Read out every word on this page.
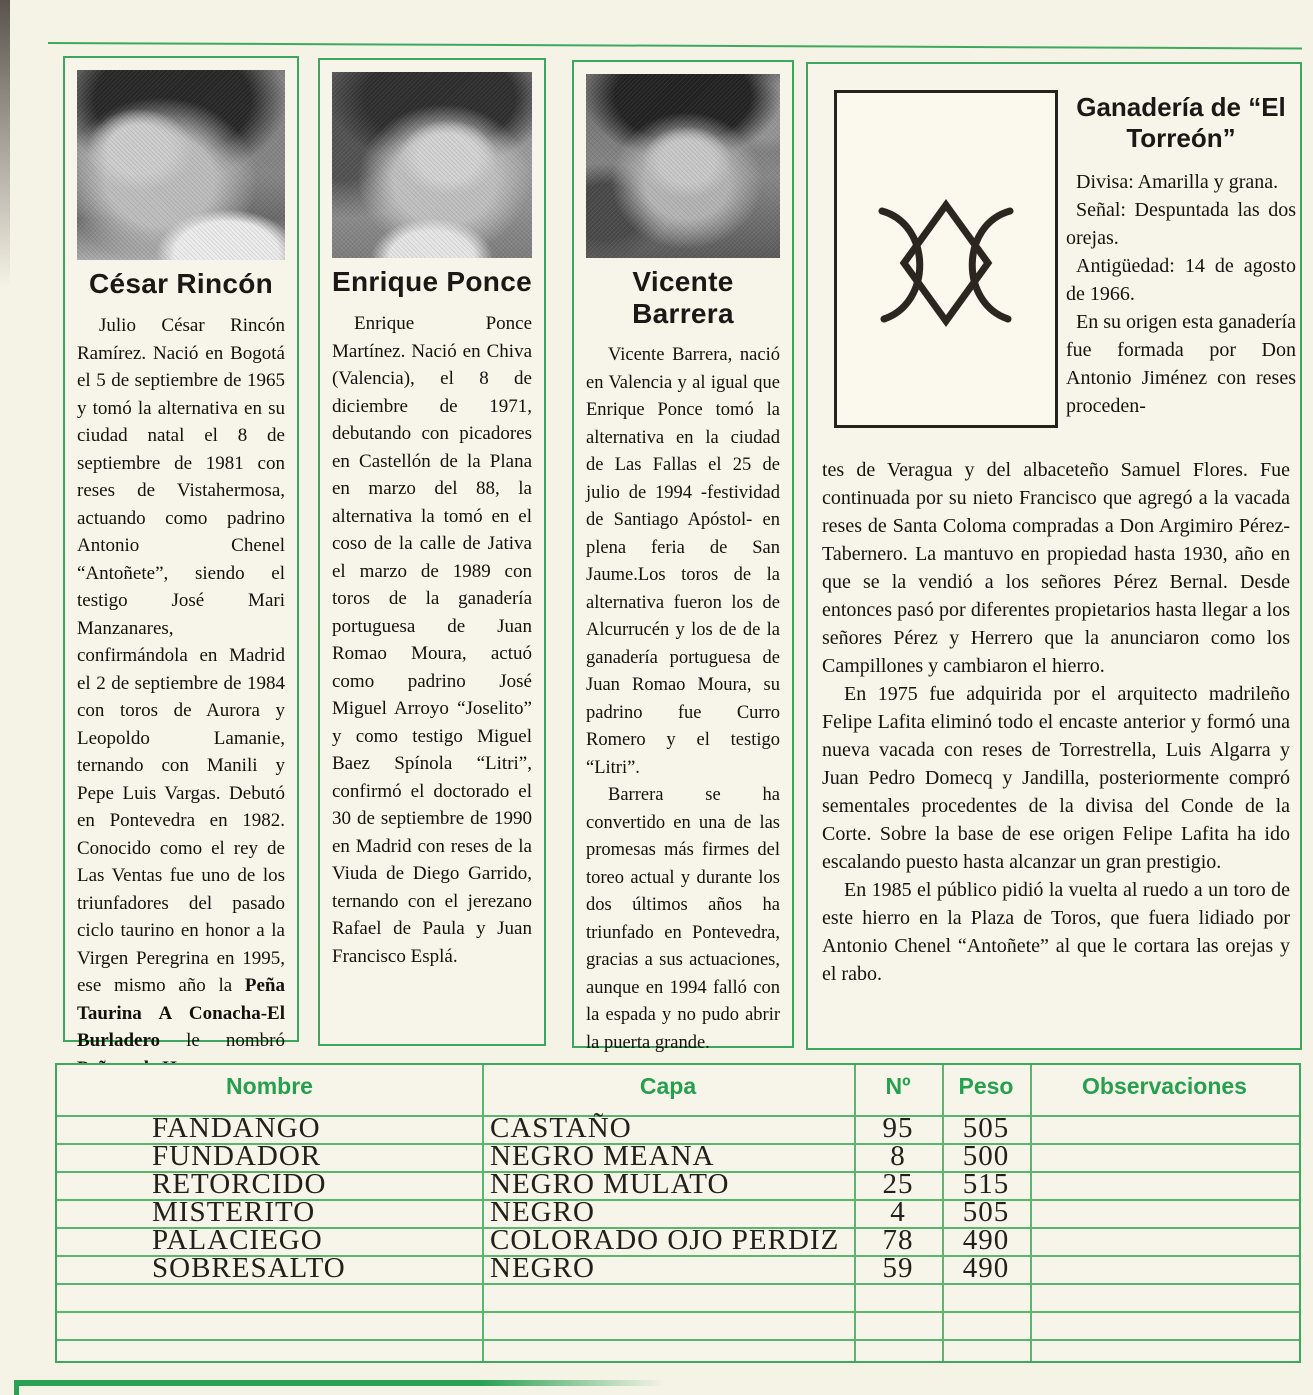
César Rincón

Julio César Rincón Ramírez. Nació en Bogotá el 5 de septiembre de 1965 y tomó la alternativa en su ciudad natal el 8 de septiembre de 1981 con reses de Vistahermosa, actuando como padrino Antonio Chenel “Antoñete”, siendo el testigo José Mari Manzanares, confirmándola en Madrid el 2 de septiembre de 1984 con toros de Aurora y Leopoldo Lamanie, ternando con Manili y Pepe Luis Vargas. Debutó en Pontevedra en 1982. Conocido como el rey de Las Ventas fue uno de los triunfadores del pasado ciclo taurino en honor a la Virgen Peregrina en 1995, ese mismo año la Peña Taurina A Conacha-El Burladero le nombró

Enrique Ponce

Enrique Ponce Martínez. Nació en Chiva (Valencia), el 8 de diciembre de 1971, debutando con picadores en Castellón de la Plana en marzo del 88, la alternativa la tomó en el coso de la calle de Jativa el marzo de 1989 con toros de la ganadería portuguesa de Juan Romao Moura, actuó como padrino José Miguel Arroyo “Joselito” y como testigo Miguel Baez Spínola “Litri”, confirmó el doctorado el 30 de septiembre de 1990 en Madrid con reses de la Viuda de Diego Garrido, ternando con el jerezano Rafael de Paula y Juan Francisco Esplá.

Vicente Barrera

Vicente Barrera, nació en Valencia y al igual que Enrique Ponce tomó la alternativa en la ciudad de Las Fallas el 25 de julio de 1994 -festividad de Santiago Apóstol- en plena feria de San Jaume.Los toros de la alternativa fueron los de Alcurrucén y los de de la ganadería portuguesa de Juan Romao Moura, su padrino fue Curro Romero y el testigo “Litri”.

Barrera se ha convertido en una de las promesas más firmes del toreo actual y durante los dos últimos años ha triunfado en Pontevedra, gracias a sus actuaciones, aunque en 1994 falló con la espada y no pudo abrir la puerta grande.

Ganadería de “El Torreón”

Divisa: Amarilla y grana.

Señal: Despuntada las dos orejas.

Antigüedad: 14 de agosto de 1966.

En su origen esta ganadería fue formada por Don Antonio Jiménez con reses proceden-

tes de Veragua y del albaceteño Samuel Flores. Fue continuada por su nieto Francisco que agregó a la vacada reses de Santa Coloma compradas a Don Argimiro Pérez-Tabernero. La mantuvo en propiedad hasta 1930, año en que se la vendió a los señores Pérez Bernal. Desde entonces pasó por diferentes propietarios hasta llegar a los señores Pérez y Herrero que la anunciaron como los Campillones y cambiaron el hierro.

En 1975 fue adquirida por el arquitecto madrileño Felipe Lafita eliminó todo el encaste anterior y formó una nueva vacada con reses de Torrestrella, Luis Algarra y Juan Pedro Domecq y Jandilla, posteriormente compró sementales procedentes de la divisa del Conde de la Corte. Sobre la base de ese origen Felipe Lafita ha ido escalando puesto hasta alcanzar un gran prestigio.

En 1985 el público pidió la vuelta al ruedo a un toro de este hierro en la Plaza de Toros, que fuera lidiado por Antonio Chenel “Antoñete” al que le cortara las orejas y el rabo.

Nombre	Capa	Nº	Peso	Observaciones
FANDANGO	CASTAÑO	95	505
FUNDADOR	NEGRO MEANA	8	500
RETORCIDO	NEGRO MULATO	25	515
MISTERITO	NEGRO	4	505
PALACIEGO	COLORADO OJO PERDIZ	78	490
SOBRESALTO	NEGRO	59	490
